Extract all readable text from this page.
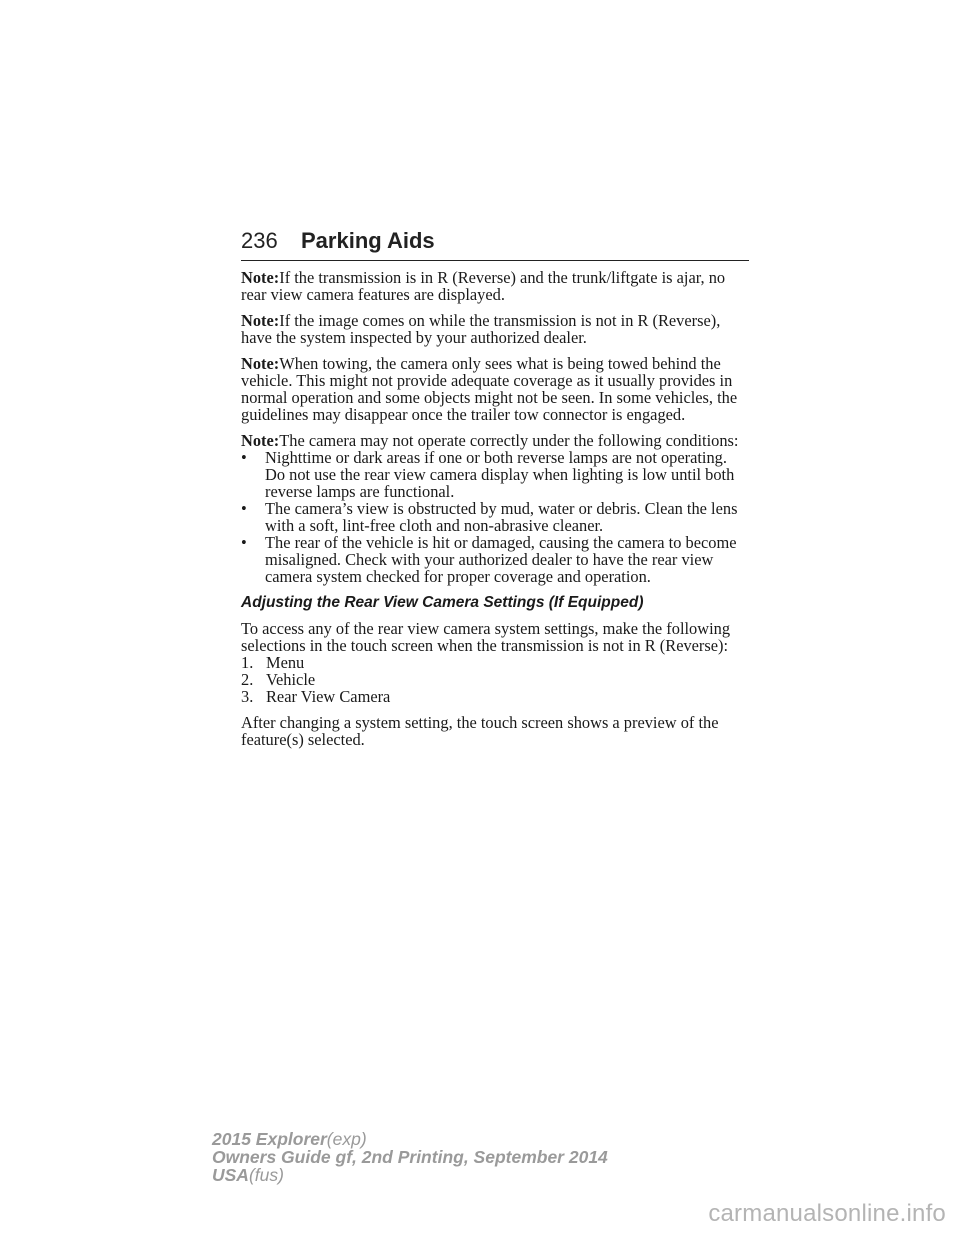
236 Parking Aids

Note:If the transmission is in R (Reverse) and the trunk/liftgate is ajar, no rear view camera features are displayed.

Note:If the image comes on while the transmission is not in R (Reverse), have the system inspected by your authorized dealer.

Note:When towing, the camera only sees what is being towed behind the vehicle. This might not provide adequate coverage as it usually provides in normal operation and some objects might not be seen. In some vehicles, the guidelines may disappear once the trailer tow connector is engaged.

Note:The camera may not operate correctly under the following conditions:

• Nighttime or dark areas if one or both reverse lamps are not operating. Do not use the rear view camera display when lighting is low until both reverse lamps are functional.
• The camera’s view is obstructed by mud, water or debris. Clean the lens with a soft, lint-free cloth and non-abrasive cleaner.
• The rear of the vehicle is hit or damaged, causing the camera to become misaligned. Check with your authorized dealer to have the rear view camera system checked for proper coverage and operation.
Adjusting the Rear View Camera Settings (If Equipped)

To access any of the rear view camera system settings, make the following selections in the touch screen when the transmission is not in R (Reverse):

1. Menu
2. Vehicle
3. Rear View Camera

After changing a system setting, the touch screen shows a preview of the feature(s) selected.

2015 Explorer(exp)
Owners Guide gf, 2nd Printing, September 2014
USA(fus)
carmanualsonline.info
